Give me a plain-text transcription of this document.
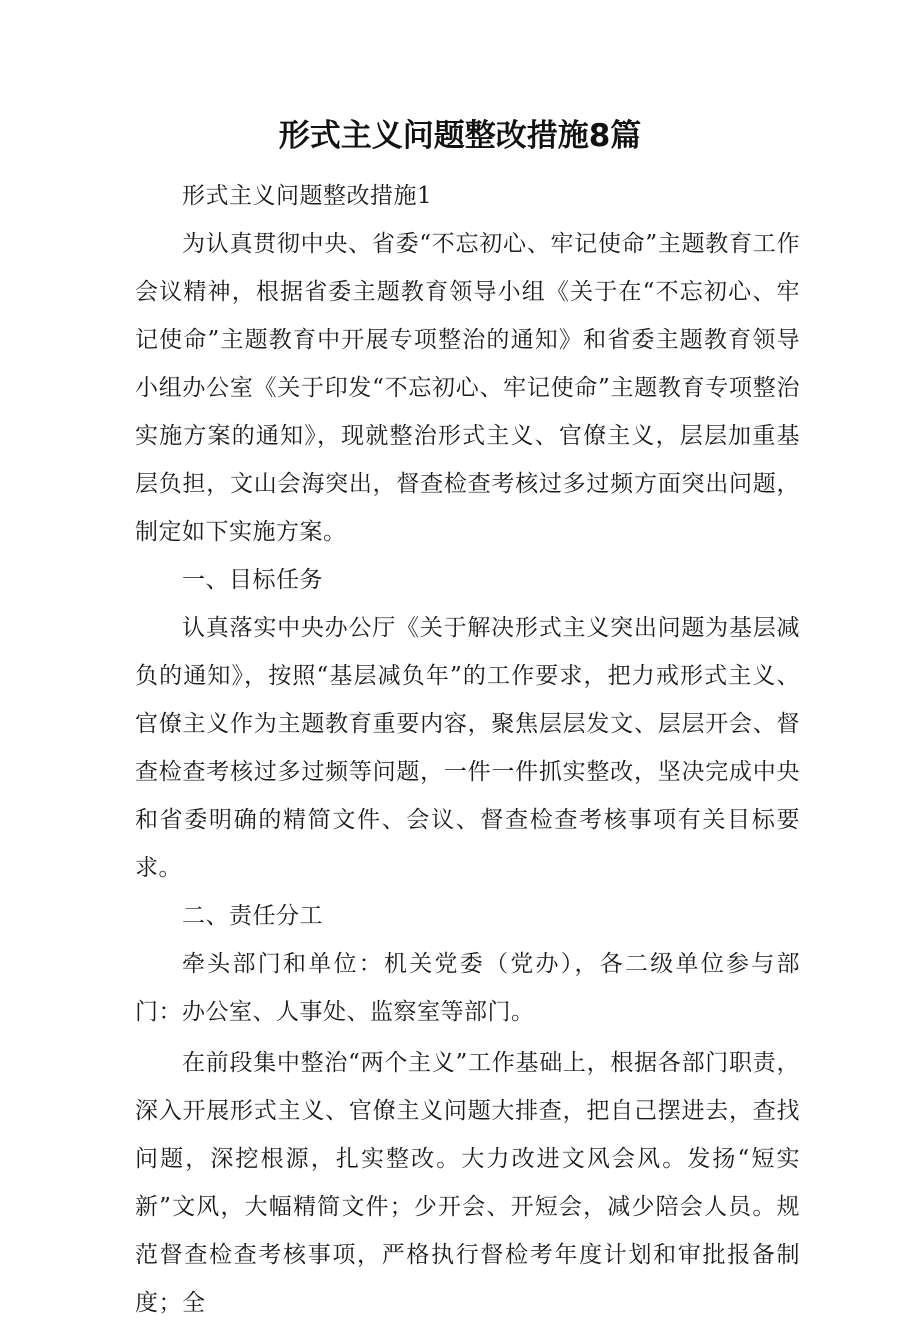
形式主义问题整改措施8篇

形式主义问题整改措施1

为认真贯彻中央、省委“不忘初心、牢记使命”主题教育工作会议精神，根据省委主题教育领导小组《关于在“不忘初心、牢记使命”主题教育中开展专项整治的通知》和省委主题教育领导小组办公室《关于印发“不忘初心、牢记使命”主题教育专项整治实施方案的通知》，现就整治形式主义、官僚主义，层层加重基层负担，文山会海突出，督查检查考核过多过频方面突出问题，制定如下实施方案。

一、目标任务

认真落实中央办公厅《关于解决形式主义突出问题为基层减负的通知》，按照“基层减负年”的工作要求，把力戒形式主义、官僚主义作为主题教育重要内容，聚焦层层发文、层层开会、督查检查考核过多过频等问题，一件一件抓实整改，坚决完成中央和省委明确的精简文件、会议、督查检查考核事项有关目标要求。

二、责任分工

牵头部门和单位：机关党委（党办），各二级单位参与部门：办公室、人事处、监察室等部门。

在前段集中整治“两个主义”工作基础上，根据各部门职责，深入开展形式主义、官僚主义问题大排查，把自己摆进去，查找问题，深挖根源，扎实整改。大力改进文风会风。发扬“短实新”文风，大幅精简文件；少开会、开短会，减少陪会人员。规范督查检查考核事项，严格执行督检考年度计划和审批报备制度；全
